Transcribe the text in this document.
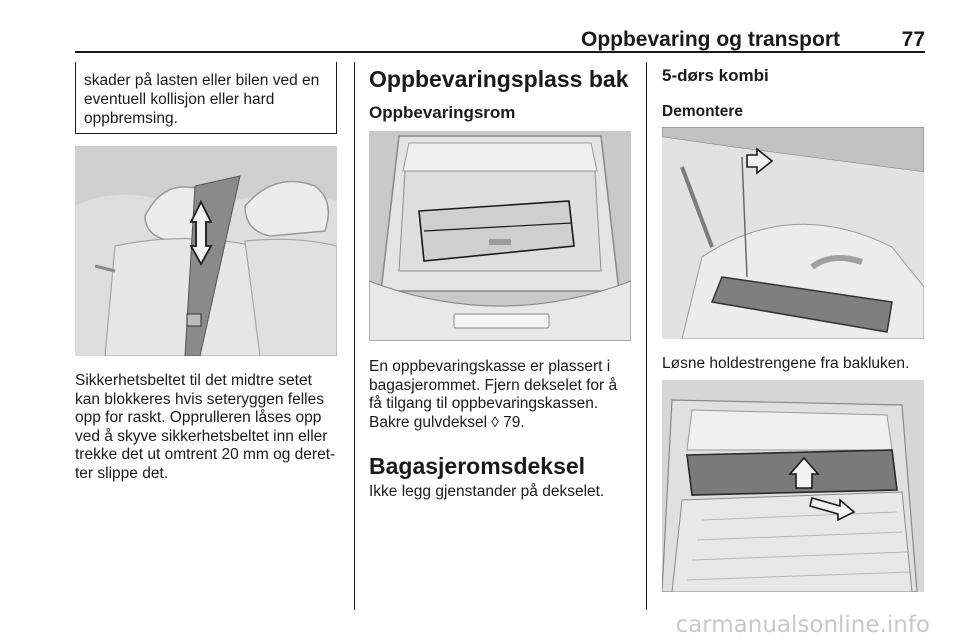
Oppbevaring og transport	77
skader på lasten eller bilen ved en
eventuell kollisjon eller hard
oppbremsing.
Sikkerhetsbeltet til det midtre setet
kan blokkeres hvis seteryggen felles
opp for raskt. Opprulleren låses opp
ved å skyve sikkerhetsbeltet inn eller
trekke det ut omtrent 20 mm og deret-
ter slippe det.
Oppbevaringsplass bak
Oppbevaringsrom
En oppbevaringskasse er plassert i
bagasjerommet. Fjern dekselet for å
få tilgang til oppbevaringskassen.
Bakre gulvdeksel ◊ 79.
Bagasjeromsdeksel
Ikke legg gjenstander på dekselet.
5-dørs kombi
Demontere
Løsne holdestrengene fra bakluken.
carmanualsonline.info
